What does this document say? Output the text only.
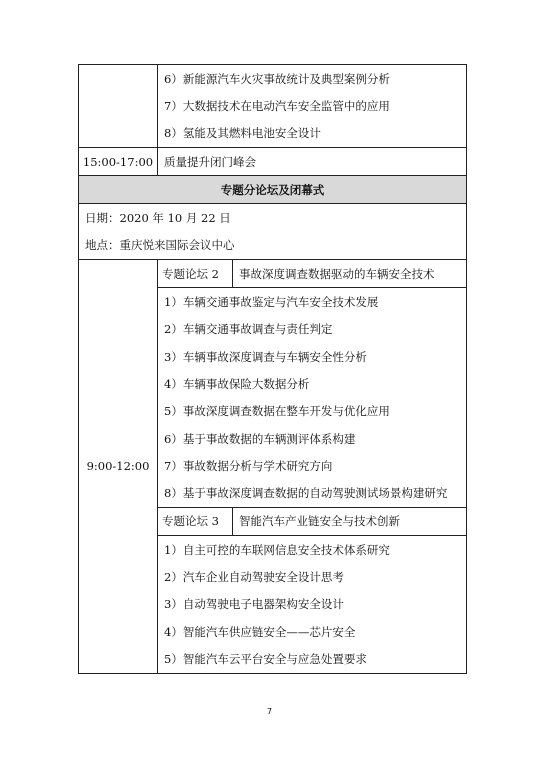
	6）新能源汽车火灾事故统计及典型案例分析	
	7）大数据技术在电动汽车安全监管中的应用	
	8）氢能及其燃料电池安全设计	
15:00-17:00	质量提升闭门峰会	
专题分论坛及闭幕式		
日期：2020 年 10 月 22 日		
地点：重庆悦来国际会议中心		
9:00-12:00	专题论坛 2	事故深度调查数据驱动的车辆安全技术
	1）车辆交通事故鉴定与汽车安全技术发展	
	2）车辆交通事故调查与责任判定	
	3）车辆事故深度调查与车辆安全性分析	
	4）车辆事故保险大数据分析	
	5）事故深度调查数据在整车开发与优化应用	
	6）基于事故数据的车辆测评体系构建	
	7）事故数据分析与学术研究方向	
	8）基于事故深度调查数据的自动驾驶测试场景构建研究	
	专题论坛 3	智能汽车产业链安全与技术创新
	1）自主可控的车联网信息安全技术体系研究	
	2）汽车企业自动驾驶安全设计思考	
	3）自动驾驶电子电器架构安全设计	
	4）智能汽车供应链安全——芯片安全	
	5）智能汽车云平台安全与应急处置要求	
7
